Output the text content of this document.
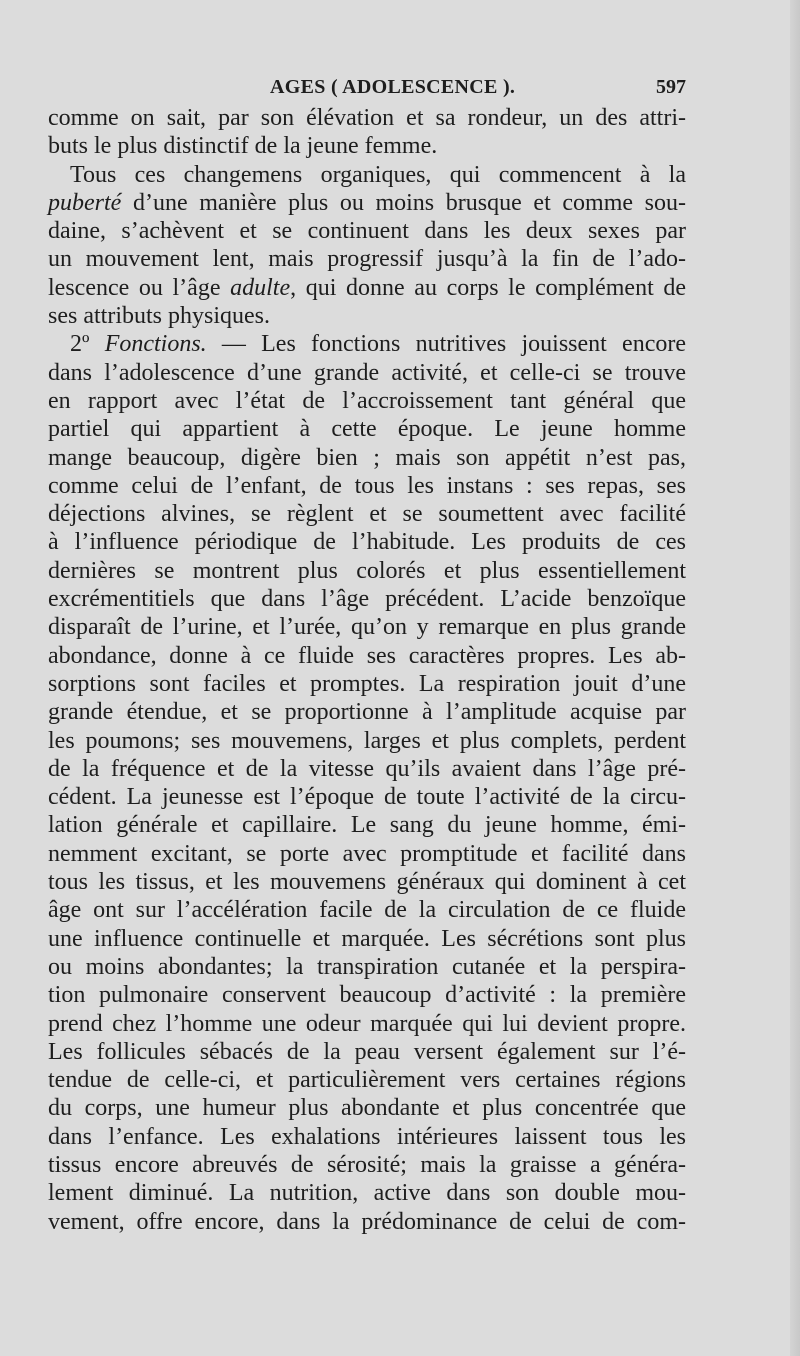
AGES ( ADOLESCENCE ).	597
comme on sait, par son élévation et sa rondeur, un des attri-
buts le plus distinctif de la jeune femme.
Tous ces changemens organiques, qui commencent à la
puberté d’une manière plus ou moins brusque et comme sou-
daine, s’achèvent et se continuent dans les deux sexes par
un mouvement lent, mais progressif jusqu’à la fin de l’ado-
lescence ou l’âge adulte, qui donne au corps le complément de
ses attributs physiques.
2º Fonctions. — Les fonctions nutritives jouissent encore
dans l’adolescence d’une grande activité, et celle-ci se trouve
en rapport avec l’état de l’accroissement tant général que
partiel qui appartient à cette époque. Le jeune homme
mange beaucoup, digère bien ; mais son appétit n’est pas,
comme celui de l’enfant, de tous les instans : ses repas, ses
déjections alvines, se règlent et se soumettent avec facilité
à l’influence périodique de l’habitude. Les produits de ces
dernières se montrent plus colorés et plus essentiellement
excrémentitiels que dans l’âge précédent. L’acide benzoïque
disparaît de l’urine, et l’urée, qu’on y remarque en plus grande
abondance, donne à ce fluide ses caractères propres. Les ab-
sorptions sont faciles et promptes. La respiration jouit d’une
grande étendue, et se proportionne à l’amplitude acquise par
les poumons; ses mouvemens, larges et plus complets, perdent
de la fréquence et de la vitesse qu’ils avaient dans l’âge pré-
cédent. La jeunesse est l’époque de toute l’activité de la circu-
lation générale et capillaire. Le sang du jeune homme, émi-
nemment excitant, se porte avec promptitude et facilité dans
tous les tissus, et les mouvemens généraux qui dominent à cet
âge ont sur l’accélération facile de la circulation de ce fluide
une influence continuelle et marquée. Les sécrétions sont plus
ou moins abondantes; la transpiration cutanée et la perspira-
tion pulmonaire conservent beaucoup d’activité : la première
prend chez l’homme une odeur marquée qui lui devient propre.
Les follicules sébacés de la peau versent également sur l’é-
tendue de celle-ci, et particulièrement vers certaines régions
du corps, une humeur plus abondante et plus concentrée que
dans l’enfance. Les exhalations intérieures laissent tous les
tissus encore abreuvés de sérosité; mais la graisse a généra-
lement diminué. La nutrition, active dans son double mou-
vement, offre encore, dans la prédominance de celui de com-
